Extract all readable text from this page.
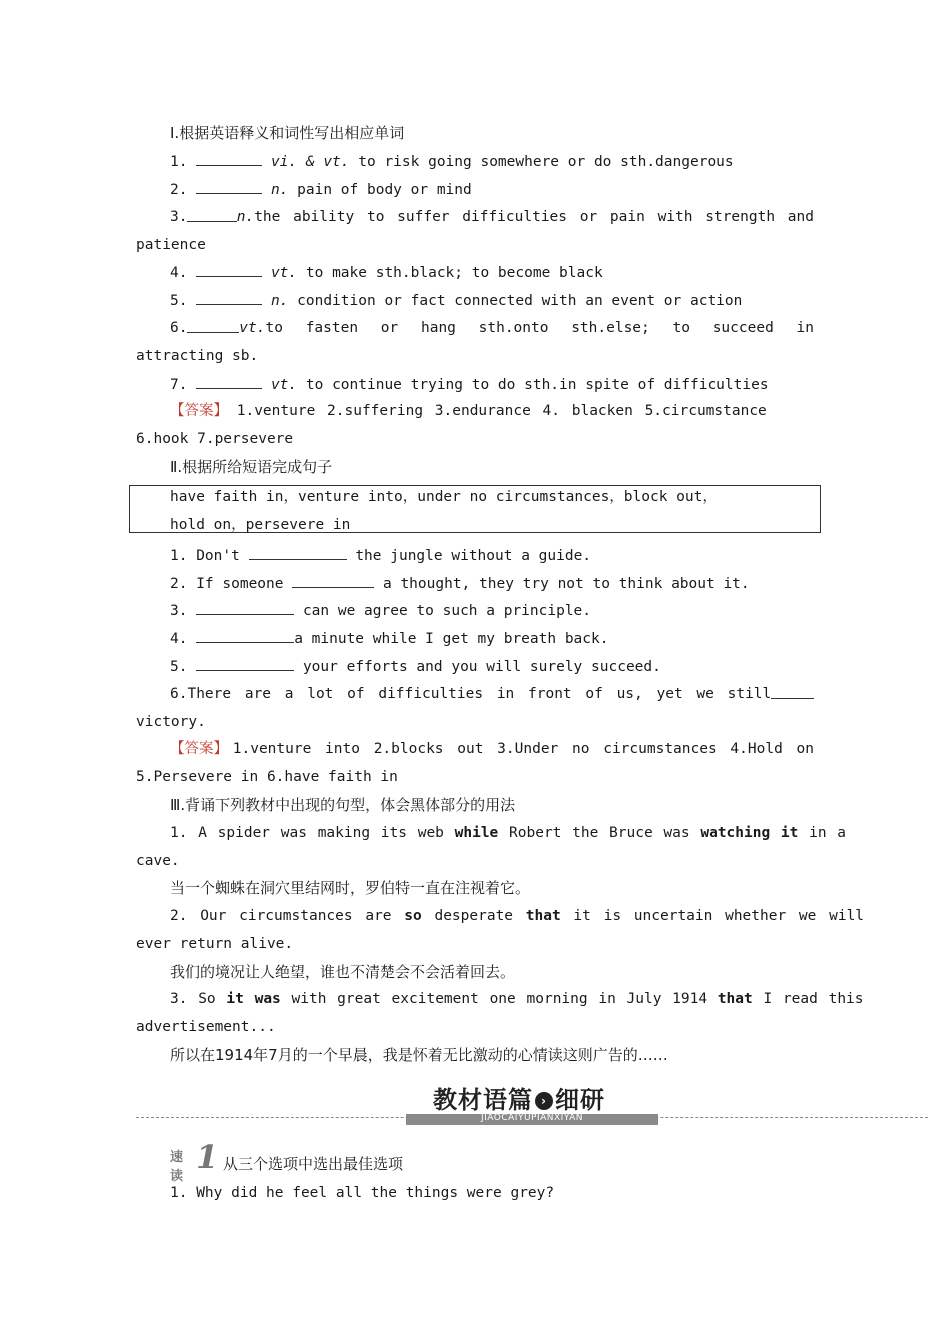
Ⅰ.根据英语释义和词性写出相应单词
1.	vi. & vt. to risk going somewhere or do sth.dangerous
2.	n. pain of body or mind
3.	n. the ability to suffer difficulties or pain with strength and
patience
4.	vt. to make sth.black; to become black
5.	n. condition or fact connected with an event or action
6.	vt. to fasten or hang sth.onto sth.else; to succeed in
attracting sb.
7.	vt. to continue trying to do sth.in spite of difficulties
【答案】 1.venture 2.suffering 3.endurance 4. blacken 5.circumstance
6.hook 7.persevere
Ⅱ.根据所给短语完成句子
have faith in，venture into，under no circumstances，block out，
hold on，persevere in
1. Don't	the jungle without a guide.
2. If someone	a thought, they try not to think about it.
3.	can we agree to such a principle.
4.	a minute while I get my breath back.
5.	your efforts and you will surely succeed.
6. There are a lot of difficulties in front of us, yet we still
victory.
【答案】 1.venture into 2.blocks out 3.Under no circumstances 4.Hold on
5.Persevere in 6.have faith in
Ⅲ.背诵下列教材中出现的句型，体会黑体部分的用法
1. A spider was making its web while Robert the Bruce was watching it in a
cave.
当一个蜘蛛在洞穴里结网时，罗伯特一直在注视着它。
2. Our circumstances are so desperate that it is uncertain whether we will
ever return alive.
我们的境况让人绝望，谁也不清楚会不会活着回去。
3. So it was with great excitement one morning in July 1914 that I read this
advertisement...
所以在1914年7月的一个早晨，我是怀着无比激动的心情读这则广告的……
教材语篇 › 细研
JIAOCAIYUPIANXIYAN
速读
1 从三个选项中选出最佳选项
1. Why did he feel all the things were grey?
